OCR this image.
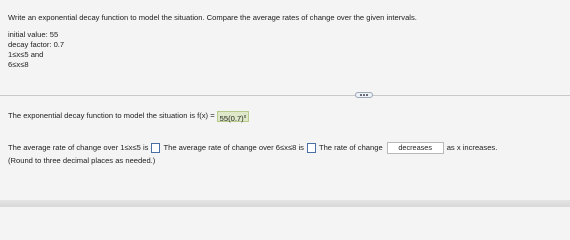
Write an exponential decay function to model the situation. Compare the average rates of change over the given intervals.
initial value: 55
decay factor: 0.7
1≤x≤5 and
6≤x≤8
The exponential decay function to model the situation is $f(x) = 55(0.7)^x$
The average rate of change over 1≤x≤5 is The average rate of change over 6≤x≤8 is The rate of change	decreases	as x increases.
(Round to three decimal places as needed.)
